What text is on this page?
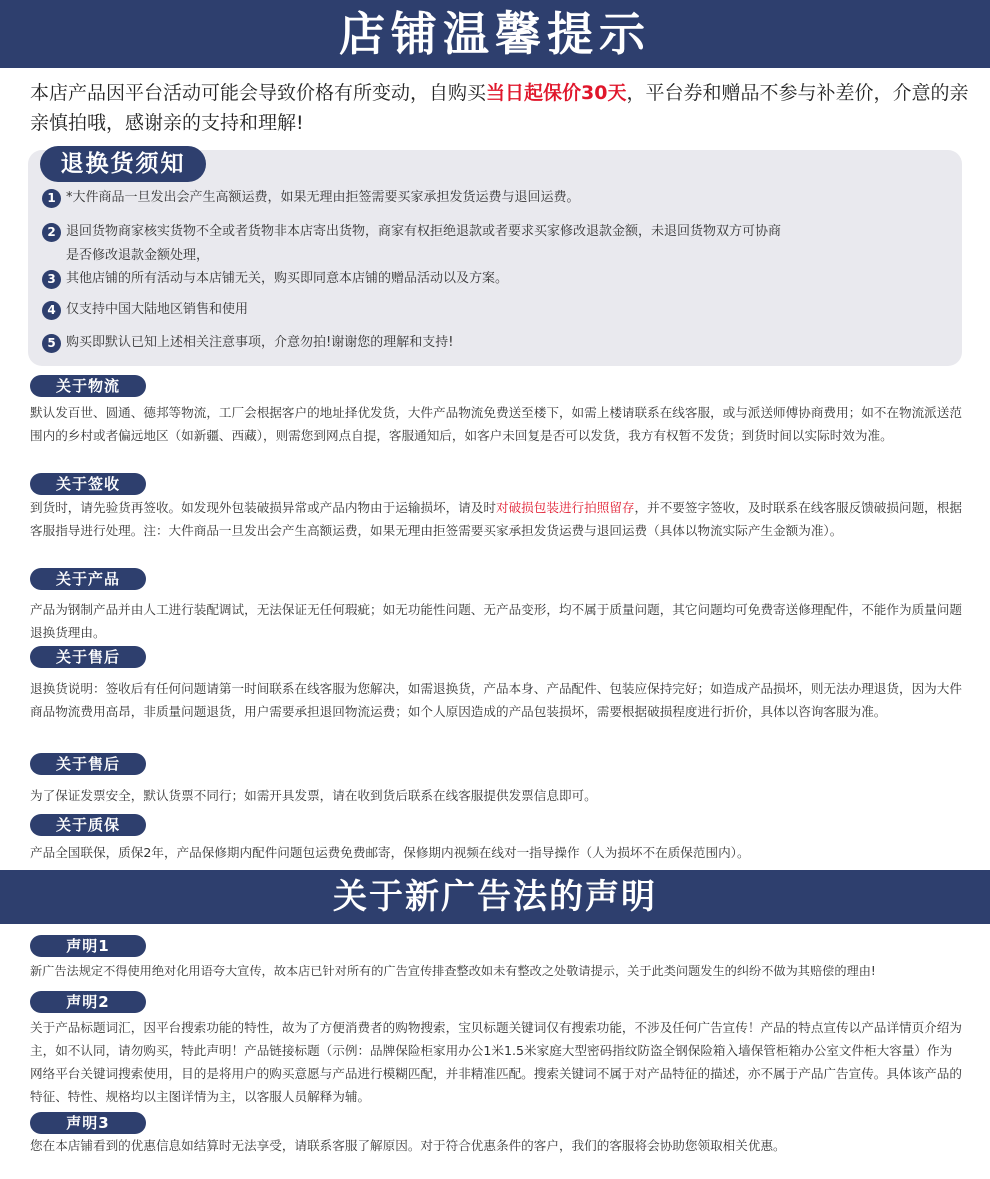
店铺温馨提示
本店产品因平台活动可能会导致价格有所变动，自购买当日起保价30天，平台券和赠品不参与补差价，介意的亲亲慎拍哦，感谢亲的支持和理解!
退换货须知
1 *大件商品一旦发出会产生高额运费，如果无理由拒签需要买家承担发货运费与退回运费。
2 退回货物商家核实货物不全或者货物非本店寄出货物，商家有权拒绝退款或者要求买家修改退款金额，未退回货物双方可协商是否修改退款金额处理，
3 其他店铺的所有活动与本店铺无关，购买即同意本店铺的赠品活动以及方案。
4 仅支持中国大陆地区销售和使用
5 购买即默认已知上述相关注意事项，介意勿拍!谢谢您的理解和支持!
关于物流
默认发百世、圆通、德邦等物流，工厂会根据客户的地址择优发货，大件产品物流免费送至楼下，如需上楼请联系在线客服，或与派送师傅协商费用；如不在物流派送范围内的乡村或者偏远地区（如新疆、西藏），则需您到网点自提，客服通知后，如客户未回复是否可以发货，我方有权暂不发货；到货时间以实际时效为准。
关于签收
到货时，请先验货再签收。如发现外包装破损异常或产品内物由于运输损坏，请及时对破损包装进行拍照留存，并不要签字签收，及时联系在线客服反馈破损问题，根据客服指导进行处理。注：大件商品一旦发出会产生高额运费，如果无理由拒签需要买家承担发货运费与退回运费（具体以物流实际产生金额为准）。
关于产品
产品为钢制产品并由人工进行装配调试，无法保证无任何瑕疵；如无功能性问题、无产品变形，均不属于质量问题，其它问题均可免费寄送修理配件，不能作为质量问题退换货理由。
关于售后
退换货说明：签收后有任何问题请第一时间联系在线客服为您解决，如需退换货，产品本身、产品配件、包装应保持完好；如造成产品损坏，则无法办理退货，因为大件商品物流费用高昂，非质量问题退货，用户需要承担退回物流运费；如个人原因造成的产品包装损坏，需要根据破损程度进行折价，具体以咨询客服为准。
关于售后
为了保证发票安全，默认货票不同行；如需开具发票，请在收到货后联系在线客服提供发票信息即可。
关于质保
产品全国联保，质保2年，产品保修期内配件问题包运费免费邮寄，保修期内视频在线对一指导操作（人为损坏不在质保范围内）。
关于新广告法的声明
声明1
新广告法规定不得使用绝对化用语夸大宣传，故本店已针对所有的广告宣传排查整改如未有整改之处敬请提示，关于此类问题发生的纠纷不做为其赔偿的理由!
声明2
关于产品标题词汇，因平台搜索功能的特性，故为了方便消费者的购物搜索，宝贝标题关键词仅有搜索功能，不涉及任何广告宣传！产品的特点宣传以产品详情页介绍为主，如不认同，请勿购买，特此声明！产品链接标题（示例：品牌保险柜家用办公1米1.5米家庭大型密码指纹防盗全钢保险箱入墙保管柜箱办公室文件柜大容量）作为网络平台关键词搜索使用，目的是将用户的购买意愿与产品进行模糊匹配，并非精准匹配。搜索关键词不属于对产品特征的描述，亦不属于产品广告宣传。具体该产品的特征、特性、规格均以主图详情为主，以客服人员解释为辅。
声明3
您在本店铺看到的优惠信息如结算时无法享受，请联系客服了解原因。对于符合优惠条件的客户，我们的客服将会协助您领取相关优惠。
